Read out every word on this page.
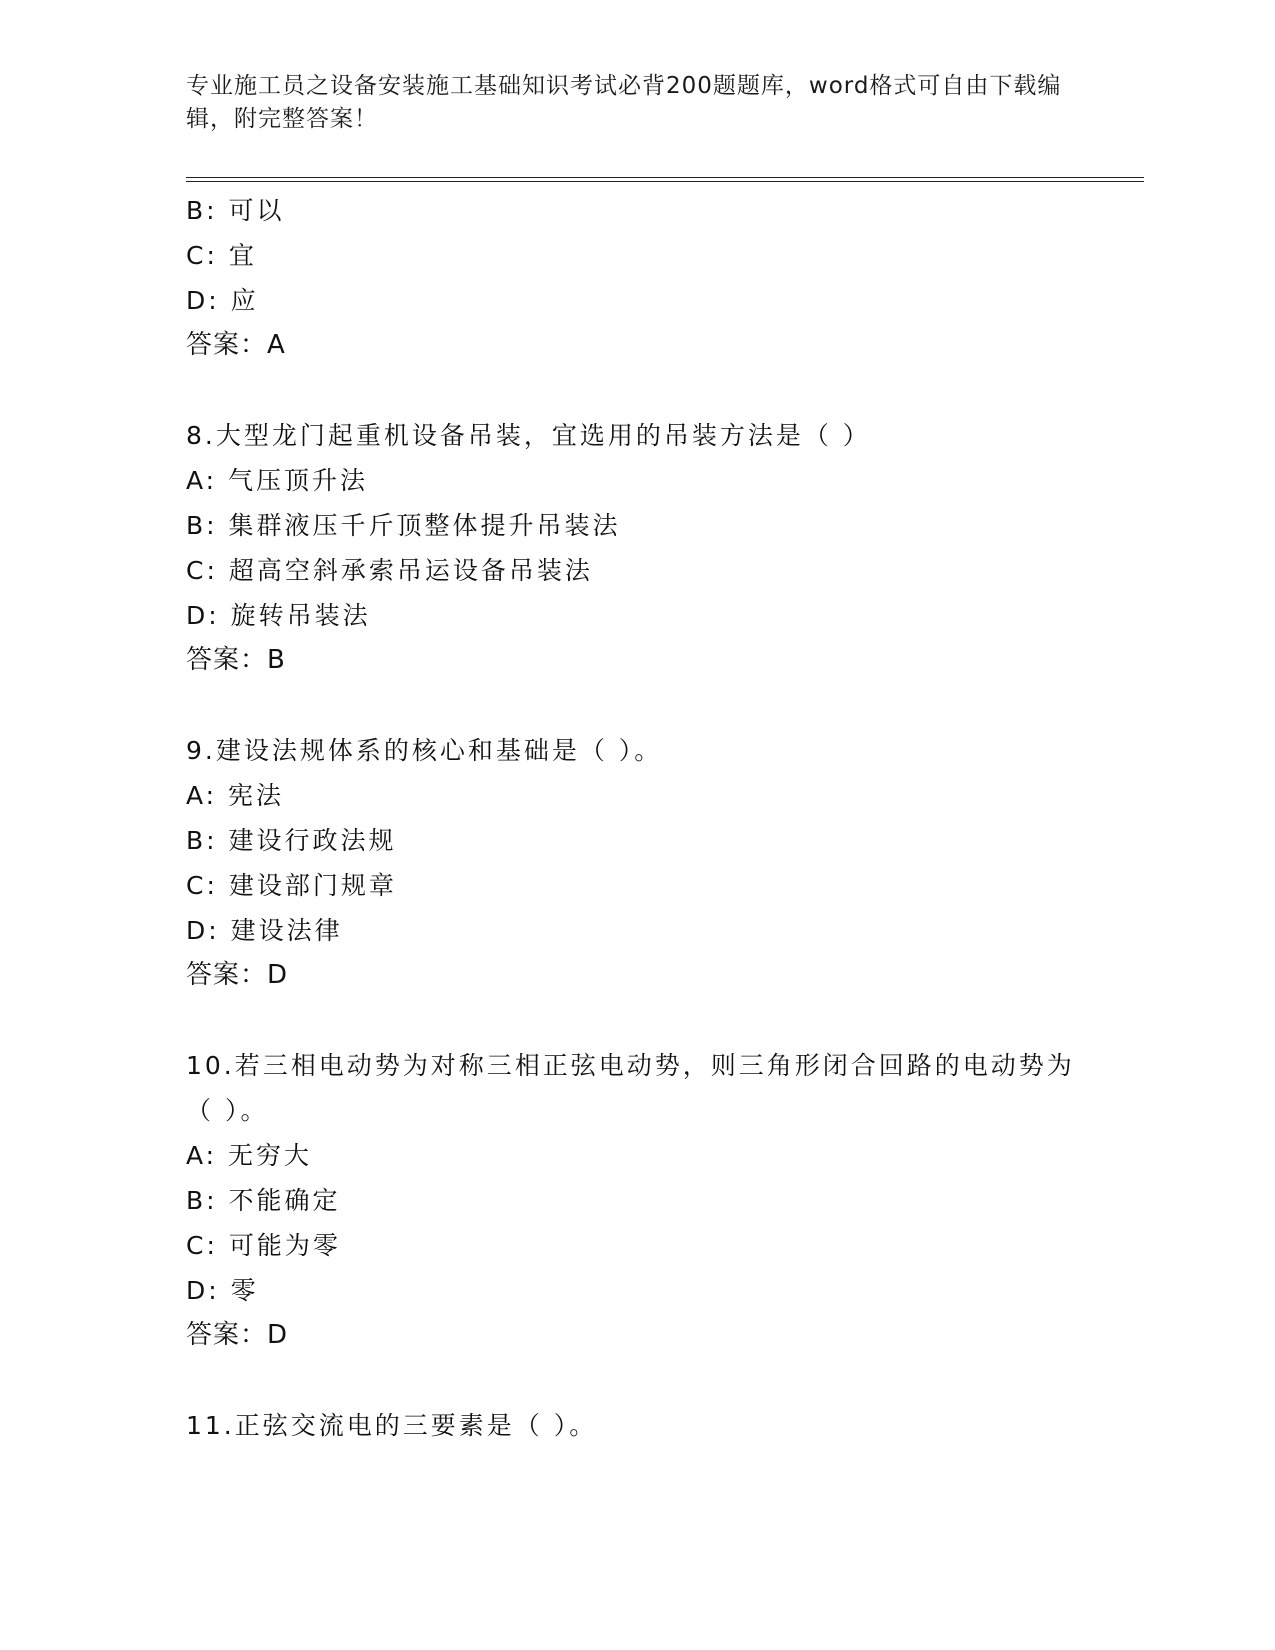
专业施工员之设备安装施工基础知识考试必背200题题库，word格式可自由下载编辑，附完整答案！
B: 可以
C: 宜
D: 应
答案：A
8.大型龙门起重机设备吊装，宜选用的吊装方法是（ ）
A: 气压顶升法
B: 集群液压千斤顶整体提升吊装法
C: 超高空斜承索吊运设备吊装法
D: 旋转吊装法
答案：B
9.建设法规体系的核心和基础是（ ）。
A: 宪法
B: 建设行政法规
C: 建设部门规章
D: 建设法律
答案：D
10.若三相电动势为对称三相正弦电动势，则三角形闭合回路的电动势为（ ）。
A: 无穷大
B: 不能确定
C: 可能为零
D: 零
答案：D
11.正弦交流电的三要素是（ ）。
